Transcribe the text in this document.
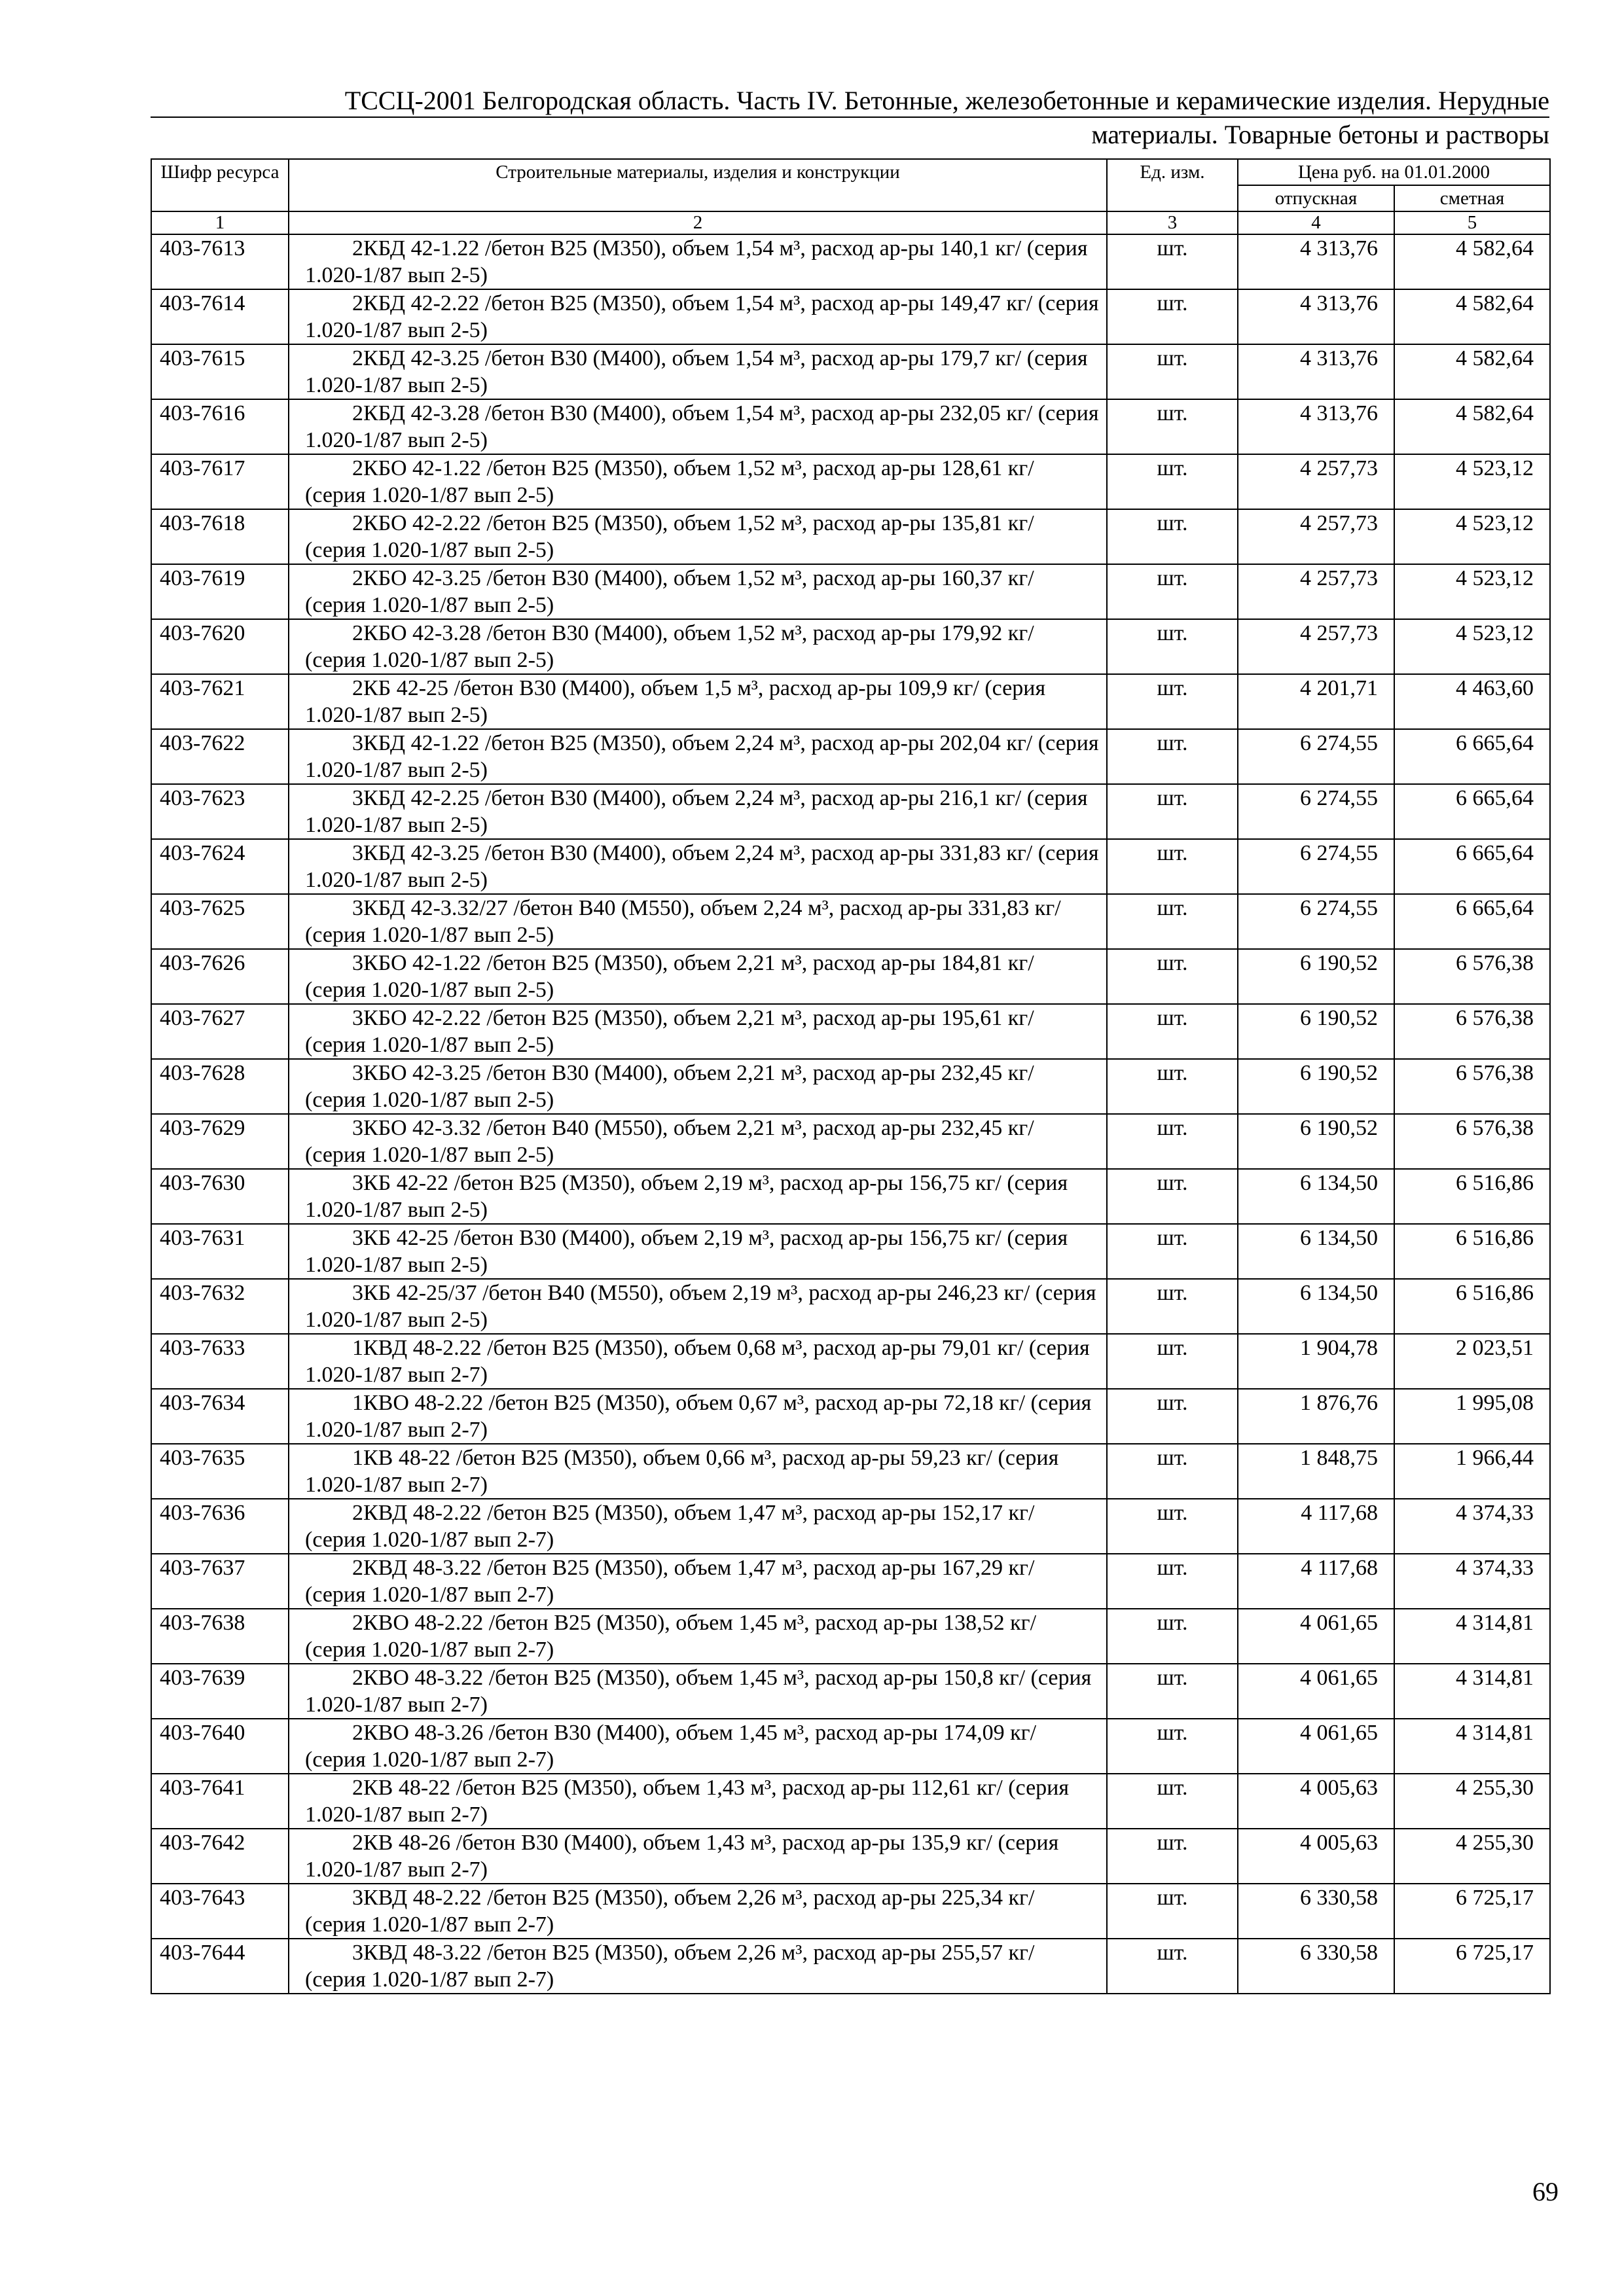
ТССЦ-2001 Белгородская область. Часть IV. Бетонные, железобетонные и керамические изделия. Нерудные
материалы. Товарные бетоны и растворы
Шифр ресурса	Строительные материалы, изделия и конструкции	Ед. изм.	Цена руб. на 01.01.2000	
			отпускная	сметная
1	2	3	4	5
403-7613	2КБД 42-1.22 /бетон В25 (М350), объем 1,54 м³, расход ар-ры 140,1 кг/ (серия 1.020-1/87 вып 2-5)	шт.	4 313,76	4 582,64
403-7614	2КБД 42-2.22 /бетон В25 (М350), объем 1,54 м³, расход ар-ры 149,47 кг/ (серия 1.020-1/87 вып 2-5)	шт.	4 313,76	4 582,64
403-7615	2КБД 42-3.25 /бетон В30 (М400), объем 1,54 м³, расход ар-ры 179,7 кг/ (серия 1.020-1/87 вып 2-5)	шт.	4 313,76	4 582,64
403-7616	2КБД 42-3.28 /бетон В30 (М400), объем 1,54 м³, расход ар-ры 232,05 кг/ (серия 1.020-1/87 вып 2-5)	шт.	4 313,76	4 582,64
403-7617	2КБО 42-1.22 /бетон В25 (М350), объем 1,52 м³, расход ар-ры 128,61 кг/ (серия 1.020-1/87 вып 2-5)	шт.	4 257,73	4 523,12
403-7618	2КБО 42-2.22 /бетон В25 (М350), объем 1,52 м³, расход ар-ры 135,81 кг/ (серия 1.020-1/87 вып 2-5)	шт.	4 257,73	4 523,12
403-7619	2КБО 42-3.25 /бетон В30 (М400), объем 1,52 м³, расход ар-ры 160,37 кг/ (серия 1.020-1/87 вып 2-5)	шт.	4 257,73	4 523,12
403-7620	2КБО 42-3.28 /бетон В30 (М400), объем 1,52 м³, расход ар-ры 179,92 кг/ (серия 1.020-1/87 вып 2-5)	шт.	4 257,73	4 523,12
403-7621	2КБ 42-25 /бетон В30 (М400), объем 1,5 м³, расход ар-ры 109,9 кг/ (серия 1.020-1/87 вып 2-5)	шт.	4 201,71	4 463,60
403-7622	3КБД 42-1.22 /бетон В25 (М350), объем 2,24 м³, расход ар-ры 202,04 кг/ (серия 1.020-1/87 вып 2-5)	шт.	6 274,55	6 665,64
403-7623	3КБД 42-2.25 /бетон В30 (М400), объем 2,24 м³, расход ар-ры 216,1 кг/ (серия 1.020-1/87 вып 2-5)	шт.	6 274,55	6 665,64
403-7624	3КБД 42-3.25 /бетон В30 (М400), объем 2,24 м³, расход ар-ры 331,83 кг/ (серия 1.020-1/87 вып 2-5)	шт.	6 274,55	6 665,64
403-7625	3КБД 42-3.32/27 /бетон В40 (М550), объем 2,24 м³, расход ар-ры 331,83 кг/ (серия 1.020-1/87 вып 2-5)	шт.	6 274,55	6 665,64
403-7626	3КБО 42-1.22 /бетон В25 (М350), объем 2,21 м³, расход ар-ры 184,81 кг/ (серия 1.020-1/87 вып 2-5)	шт.	6 190,52	6 576,38
403-7627	3КБО 42-2.22 /бетон В25 (М350), объем 2,21 м³, расход ар-ры 195,61 кг/ (серия 1.020-1/87 вып 2-5)	шт.	6 190,52	6 576,38
403-7628	3КБО 42-3.25 /бетон В30 (М400), объем 2,21 м³, расход ар-ры 232,45 кг/ (серия 1.020-1/87 вып 2-5)	шт.	6 190,52	6 576,38
403-7629	3КБО 42-3.32 /бетон В40 (М550), объем 2,21 м³, расход ар-ры 232,45 кг/ (серия 1.020-1/87 вып 2-5)	шт.	6 190,52	6 576,38
403-7630	3КБ 42-22 /бетон В25 (М350), объем 2,19 м³, расход ар-ры 156,75 кг/ (серия 1.020-1/87 вып 2-5)	шт.	6 134,50	6 516,86
403-7631	3КБ 42-25 /бетон В30 (М400), объем 2,19 м³, расход ар-ры 156,75 кг/ (серия 1.020-1/87 вып 2-5)	шт.	6 134,50	6 516,86
403-7632	3КБ 42-25/37 /бетон В40 (М550), объем 2,19 м³, расход ар-ры 246,23 кг/ (серия 1.020-1/87 вып 2-5)	шт.	6 134,50	6 516,86
403-7633	1КВД 48-2.22 /бетон В25 (М350), объем 0,68 м³, расход ар-ры 79,01 кг/ (серия 1.020-1/87 вып 2-7)	шт.	1 904,78	2 023,51
403-7634	1КВО 48-2.22 /бетон В25 (М350), объем 0,67 м³, расход ар-ры 72,18 кг/ (серия 1.020-1/87 вып 2-7)	шт.	1 876,76	1 995,08
403-7635	1КВ 48-22 /бетон В25 (М350), объем 0,66 м³, расход ар-ры 59,23 кг/ (серия 1.020-1/87 вып 2-7)	шт.	1 848,75	1 966,44
403-7636	2КВД 48-2.22 /бетон В25 (М350), объем 1,47 м³, расход ар-ры 152,17 кг/ (серия 1.020-1/87 вып 2-7)	шт.	4 117,68	4 374,33
403-7637	2КВД 48-3.22 /бетон В25 (М350), объем 1,47 м³, расход ар-ры 167,29 кг/ (серия 1.020-1/87 вып 2-7)	шт.	4 117,68	4 374,33
403-7638	2КВО 48-2.22 /бетон В25 (М350), объем 1,45 м³, расход ар-ры 138,52 кг/ (серия 1.020-1/87 вып 2-7)	шт.	4 061,65	4 314,81
403-7639	2КВО 48-3.22 /бетон В25 (М350), объем 1,45 м³, расход ар-ры 150,8 кг/ (серия 1.020-1/87 вып 2-7)	шт.	4 061,65	4 314,81
403-7640	2КВО 48-3.26 /бетон В30 (М400), объем 1,45 м³, расход ар-ры 174,09 кг/ (серия 1.020-1/87 вып 2-7)	шт.	4 061,65	4 314,81
403-7641	2КВ 48-22 /бетон В25 (М350), объем 1,43 м³, расход ар-ры 112,61 кг/ (серия 1.020-1/87 вып 2-7)	шт.	4 005,63	4 255,30
403-7642	2КВ 48-26 /бетон В30 (М400), объем 1,43 м³, расход ар-ры 135,9 кг/ (серия 1.020-1/87 вып 2-7)	шт.	4 005,63	4 255,30
403-7643	3КВД 48-2.22 /бетон В25 (М350), объем 2,26 м³, расход ар-ры 225,34 кг/ (серия 1.020-1/87 вып 2-7)	шт.	6 330,58	6 725,17
403-7644	3КВД 48-3.22 /бетон В25 (М350), объем 2,26 м³, расход ар-ры 255,57 кг/ (серия 1.020-1/87 вып 2-7)	шт.	6 330,58	6 725,17
69
